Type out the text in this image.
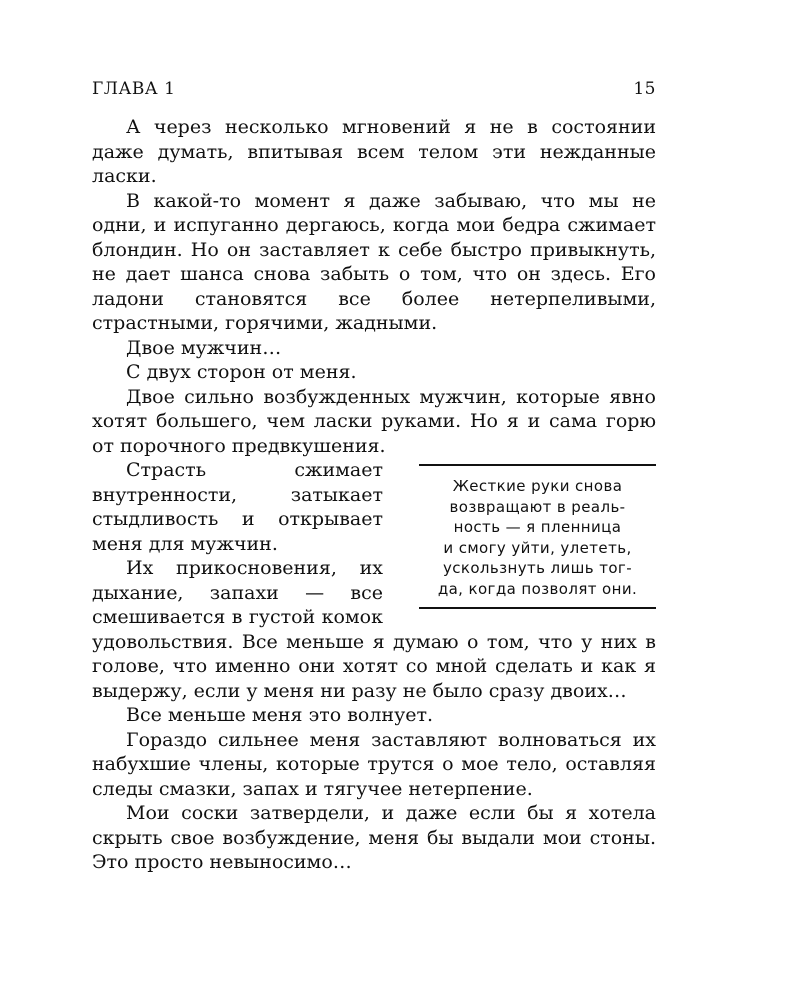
ГЛАВА 1	15

А через несколько мгновений я не в состоянии даже думать, впитывая всем телом эти нежданные ласки.

В какой-то момент я даже забываю, что мы не одни, и испуганно дергаюсь, когда мои бедра сжимает блондин. Но он заставляет к себе быстро привыкнуть, не дает шанса снова забыть о том, что он здесь. Его ладони становятся все более нетерпеливыми, страстными, горячими, жадными.

Двое мужчин…

С двух сторон от меня.

Двое сильно возбужденных мужчин, которые явно хотят большего, чем ласки руками. Но я и сама горю от порочного предвкушения.

Жесткие руки снова
возвращают в реаль-
ность — я пленница
и смогу уйти, улететь,
ускользнуть лишь тог-
да, когда позволят они.

Страсть сжимает внутренности, затыкает стыдливость и открывает меня для мужчин.

Их прикосновения, их дыхание, запахи — все смешивается в густой комок удовольствия. Все меньше я думаю о том, что у них в голове, что именно они хотят со мной сделать и как я выдержу, если у меня ни разу не было сразу двоих…

Все меньше меня это волнует.

Гораздо сильнее меня заставляют волноваться их набухшие члены, которые трутся о мое тело, оставляя следы смазки, запах и тягучее нетерпение.

Мои соски затвердели, и даже если бы я хотела скрыть свое возбуждение, меня бы выдали мои стоны. Это просто невыносимо…
